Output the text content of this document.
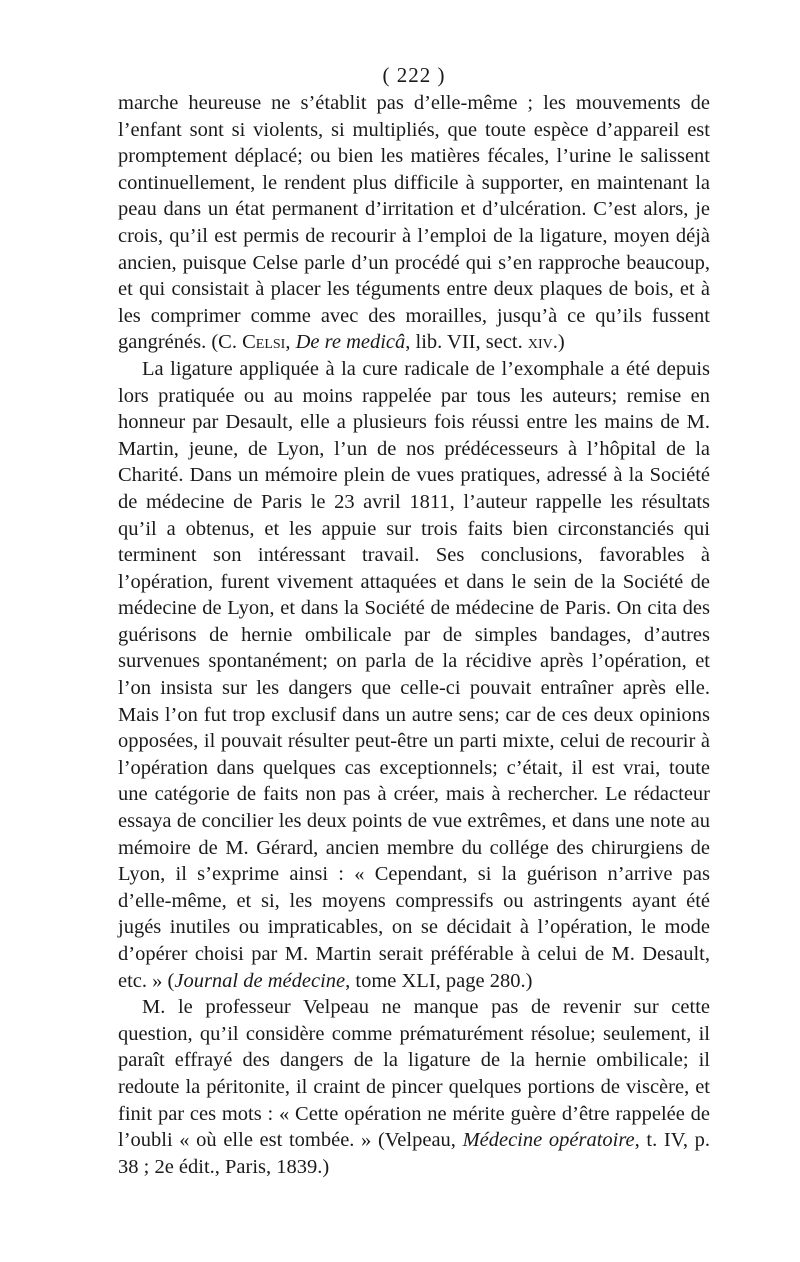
( 222 )

marche heureuse ne s’établit pas d’elle-même ; les mouvements de l’enfant sont si violents, si multipliés, que toute espèce d’appareil est promptement déplacé; ou bien les matières fécales, l’urine le salissent continuellement, le rendent plus difficile à supporter, en maintenant la peau dans un état permanent d’irritation et d’ulcération. C’est alors, je crois, qu’il est permis de recourir à l’emploi de la ligature, moyen déjà ancien, puisque Celse parle d’un procédé qui s’en rapproche beaucoup, et qui consistait à placer les téguments entre deux plaques de bois, et à les comprimer comme avec des morailles, jusqu’à ce qu’ils fussent gangrénés. (C. Celsi, De re medicâ, lib. VII, sect. xiv.)

La ligature appliquée à la cure radicale de l’exomphale a été depuis lors pratiquée ou au moins rappelée par tous les auteurs; remise en honneur par Desault, elle a plusieurs fois réussi entre les mains de M. Martin, jeune, de Lyon, l’un de nos prédécesseurs à l’hôpital de la Charité. Dans un mémoire plein de vues pratiques, adressé à la Société de médecine de Paris le 23 avril 1811, l’auteur rappelle les résultats qu’il a obtenus, et les appuie sur trois faits bien circonstanciés qui terminent son intéressant travail. Ses conclusions, favorables à l’opération, furent vivement attaquées et dans le sein de la Société de médecine de Lyon, et dans la Société de médecine de Paris. On cita des guérisons de hernie ombilicale par de simples bandages, d’autres survenues spontanément; on parla de la récidive après l’opération, et l’on insista sur les dangers que celle-ci pouvait entraîner après elle. Mais l’on fut trop exclusif dans un autre sens; car de ces deux opinions opposées, il pouvait résulter peut-être un parti mixte, celui de recourir à l’opération dans quelques cas exceptionnels; c’était, il est vrai, toute une catégorie de faits non pas à créer, mais à rechercher. Le rédacteur essaya de concilier les deux points de vue extrêmes, et dans une note au mémoire de M. Gérard, ancien membre du collége des chirurgiens de Lyon, il s’exprime ainsi : « Cependant, si la guérison n’arrive pas d’elle-même, et si, les moyens compressifs ou astringents ayant été jugés inutiles ou impraticables, on se décidait à l’opération, le mode d’opérer choisi par M. Martin serait préférable à celui de M. Desault, etc. » (Journal de médecine, tome XLI, page 280.)

M. le professeur Velpeau ne manque pas de revenir sur cette question, qu’il considère comme prématurément résolue; seulement, il paraît effrayé des dangers de la ligature de la hernie ombilicale; il redoute la péritonite, il craint de pincer quelques portions de viscère, et finit par ces mots : « Cette opération ne mérite guère d’être rappelée de l’oubli « où elle est tombée. » (Velpeau, Médecine opératoire, t. IV, p. 38 ; 2e édit., Paris, 1839.)
